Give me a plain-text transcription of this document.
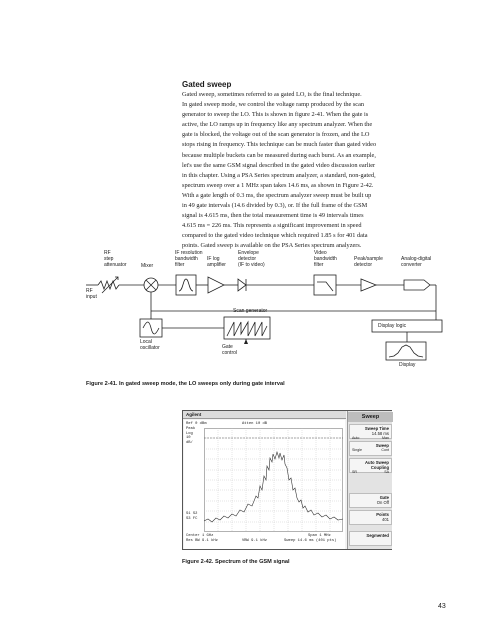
Gated sweep
Gated sweep, sometimes referred to as gated LO, is the final technique.
In gated sweep mode, we control the voltage ramp produced by the scan
generator to sweep the LO. This is shown in figure 2-41. When the gate is
active, the LO ramps up in frequency like any spectrum analyzer. When the
gate is blocked, the voltage out of the scan generator is frozen, and the LO
stops rising in frequency. This technique can be much faster than gated video
because multiple buckets can be measured during each burst. As an example,
let's use the same GSM signal described in the gated video discussion earlier
in this chapter. Using a PSA Series spectrum analyzer, a standard, non-gated,
spectrum sweep over a 1 MHz span takes 14.6 ms, as shown in Figure 2-42.
With a gate length of 0.3 ms, the spectrum analyzer sweep must be built up
in 49 gate intervals (14.6 divided by 0.3), or. If the full frame of the GSM
signal is 4.615 ms, then the total measurement time is 49 intervals times
4.615 ms = 226 ms. This represents a significant improvement in speed
compared to the gated video technique which required 1.85 s for 401 data
points. Gated sweep is available on the PSA Series spectrum analyzers.
RF
step
attenuator	Mixer
IF resolution
bandwidth
filter
IF log
amplifier
Envelope
detector
(IF to video)
Video
bandwidth
filter
Peak/sample
detector
Analog-digital
converter
RF
input
Local
oscillator
Scan generator
Gate
control
Display logic
Display
Figure 2-41. In gated sweep mode, the LO sweeps only during gate interval
Agilent
Ref 0 dBm	Atten 10 dB
Peak
Log
10
dB/
S1 S2
S3 FC
Center 1 GHz	Span 1 MHz
Res BW 9.1 kHz	VBW 9.1 kHz	Sweep 14.6 ms (401 pts)
Sweep
Sweep Time
14.58 ms
Auto	Man
Sweep
Single	Cont
Auto Sweep
Coupling
SR	SA
Gate
On Off
Points
401
Segmented
Figure 2-42. Spectrum of the GSM signal
43
